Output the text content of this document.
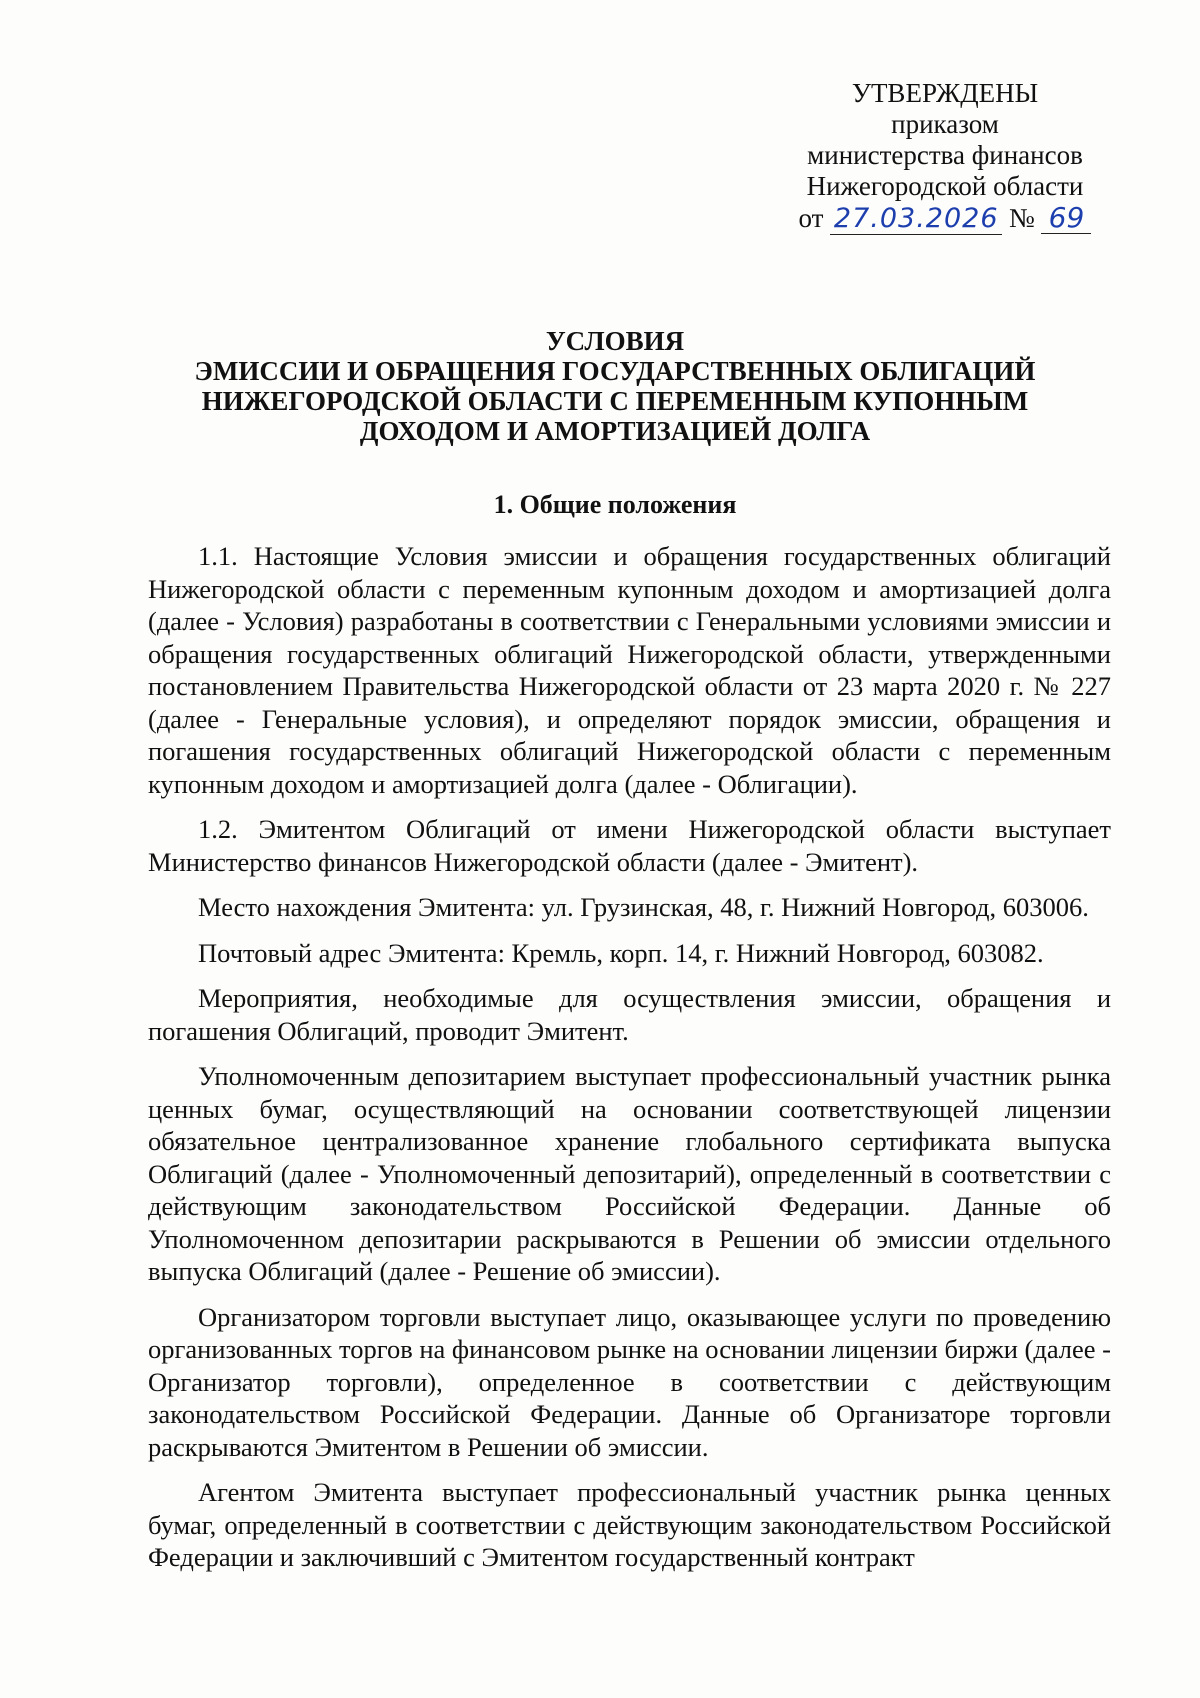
УТВЕРЖДЕНЫ
приказом
министерства финансов
Нижегородской области
от 27.03.2026 № 69
УСЛОВИЯ
ЭМИССИИ И ОБРАЩЕНИЯ ГОСУДАРСТВЕННЫХ ОБЛИГАЦИЙ
НИЖЕГОРОДСКОЙ ОБЛАСТИ С ПЕРЕМЕННЫМ КУПОННЫМ
ДОХОДОМ И АМОРТИЗАЦИЕЙ ДОЛГА
1. Общие положения

1.1. Настоящие Условия эмиссии и обращения государственных облигаций Нижегородской области с переменным купонным доходом и амортизацией долга (далее - Условия) разработаны в соответствии с Генеральными условиями эмиссии и обращения государственных облигаций Нижегородской области, утвержденными постановлением Правительства Нижегородской области от 23 марта 2020 г. № 227 (далее - Генеральные условия), и определяют порядок эмиссии, обращения и погашения государственных облигаций Нижегородской области с переменным купонным доходом и амортизацией долга (далее - Облигации).

1.2. Эмитентом Облигаций от имени Нижегородской области выступает Министерство финансов Нижегородской области (далее - Эмитент).

Место нахождения Эмитента: ул. Грузинская, 48, г. Нижний Новгород, 603006.

Почтовый адрес Эмитента: Кремль, корп. 14, г. Нижний Новгород, 603082.

Мероприятия, необходимые для осуществления эмиссии, обращения и погашения Облигаций, проводит Эмитент.

Уполномоченным депозитарием выступает профессиональный участник рынка ценных бумаг, осуществляющий на основании соответствующей лицензии обязательное централизованное хранение глобального сертификата выпуска Облигаций (далее - Уполномоченный депозитарий), определенный в соответствии с действующим законодательством Российской Федерации. Данные об Уполномоченном депозитарии раскрываются в Решении об эмиссии отдельного выпуска Облигаций (далее - Решение об эмиссии).

Организатором торговли выступает лицо, оказывающее услуги по проведению организованных торгов на финансовом рынке на основании лицензии биржи (далее - Организатор торговли), определенное в соответствии с действующим законодательством Российской Федерации. Данные об Организаторе торговли раскрываются Эмитентом в Решении об эмиссии.

Агентом Эмитента выступает профессиональный участник рынка ценных бумаг, определенный в соответствии с действующим законодательством Российской Федерации и заключивший с Эмитентом государственный контракт
